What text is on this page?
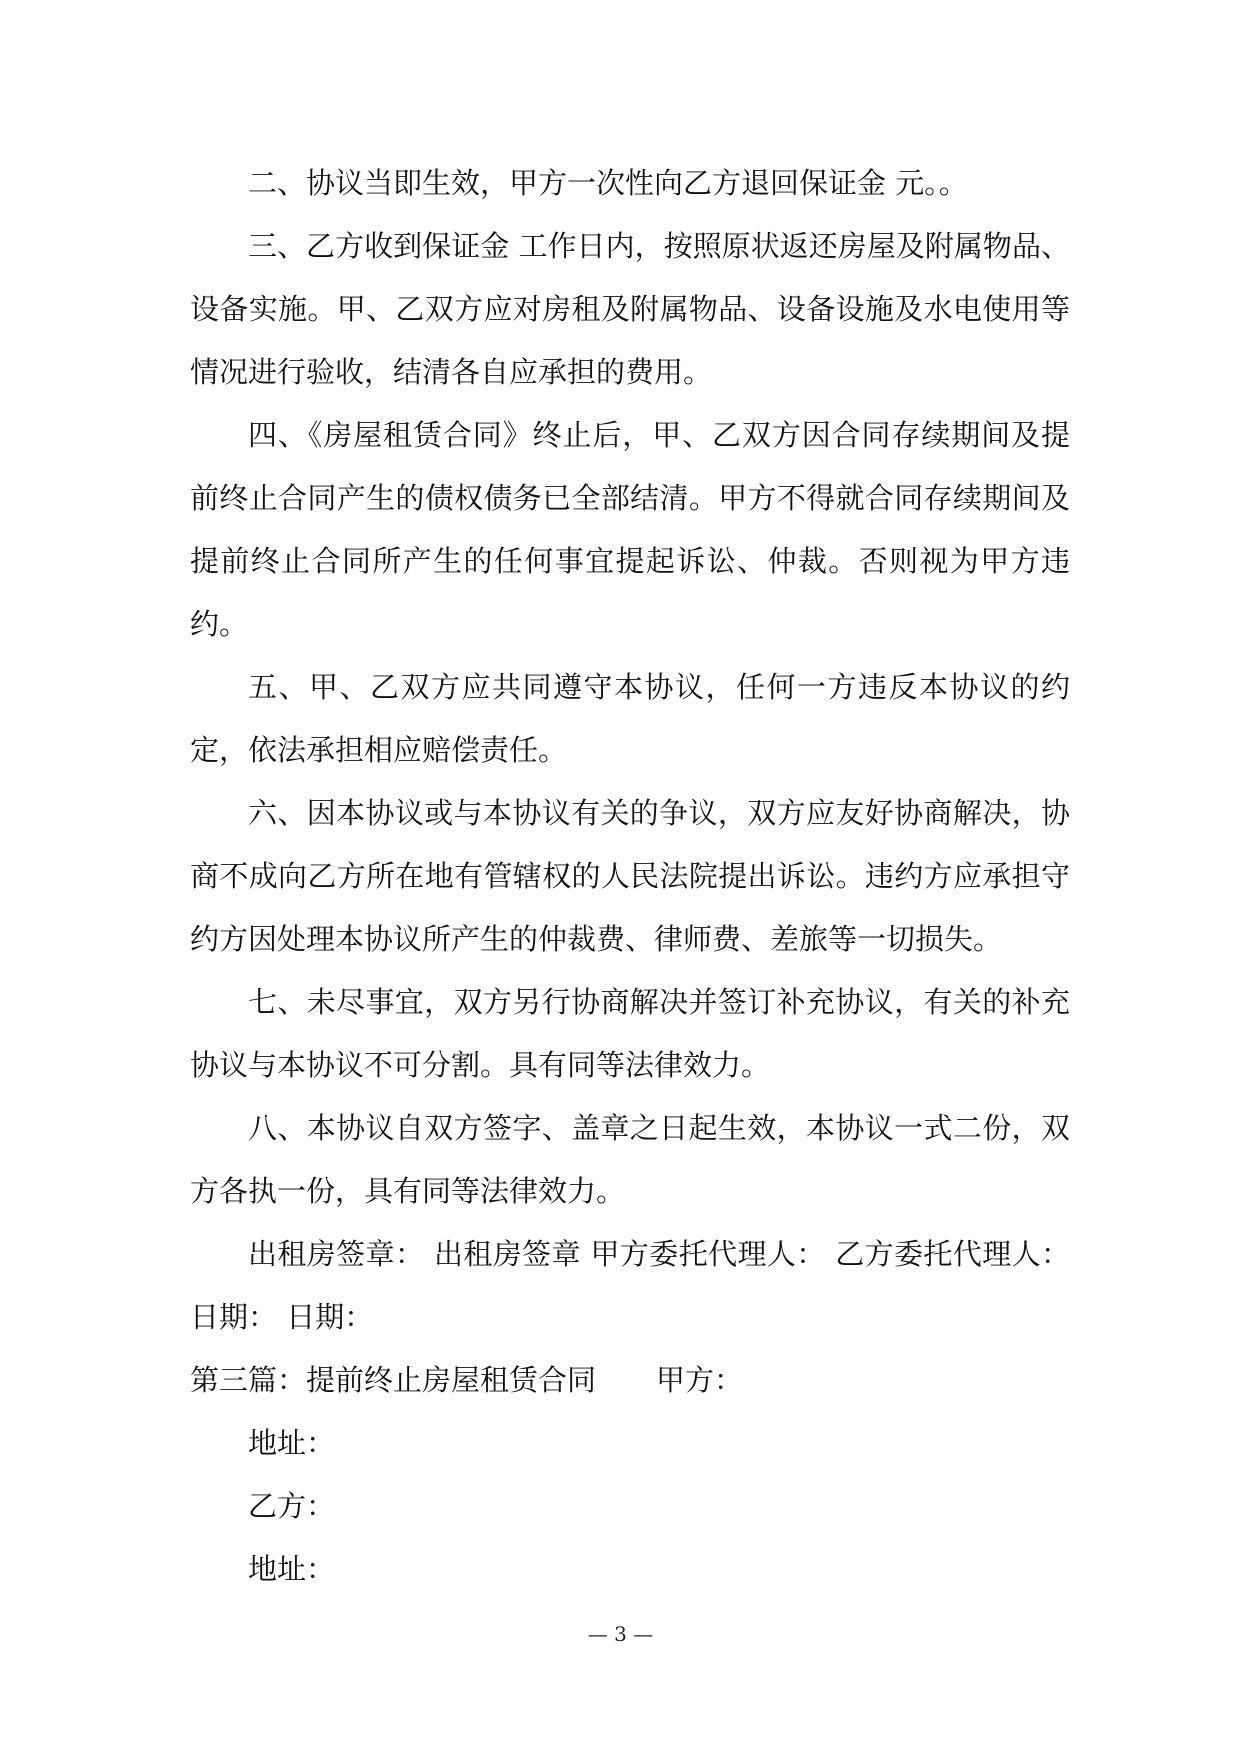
二、协议当即生效，甲方一次性向乙方退回保证金 元。。

三、乙方收到保证金 工作日内，按照原状返还房屋及附属物品、设备实施。甲、乙双方应对房租及附属物品、设备设施及水电使用等情况进行验收，结清各自应承担的费用。

四、《房屋租赁合同》终止后，甲、乙双方因合同存续期间及提前终止合同产生的债权债务已全部结清。甲方不得就合同存续期间及提前终止合同所产生的任何事宜提起诉讼、仲裁。否则视为甲方违约。

五、甲、乙双方应共同遵守本协议，任何一方违反本协议的约定，依法承担相应赔偿责任。

六、因本协议或与本协议有关的争议，双方应友好协商解决，协商不成向乙方所在地有管辖权的人民法院提出诉讼。违约方应承担守约方因处理本协议所产生的仲裁费、律师费、差旅等一切损失。

七、未尽事宜，双方另行协商解决并签订补充协议，有关的补充协议与本协议不可分割。具有同等法律效力。

八、本协议自双方签字、盖章之日起生效，本协议一式二份，双方各执一份，具有同等法律效力。

出租房签章： 出租房签章 甲方委托代理人： 乙方委托代理人：日期： 日期：

第三篇：提前终止房屋租赁合同 甲方：

地址：

乙方：

地址：

— 3 —
